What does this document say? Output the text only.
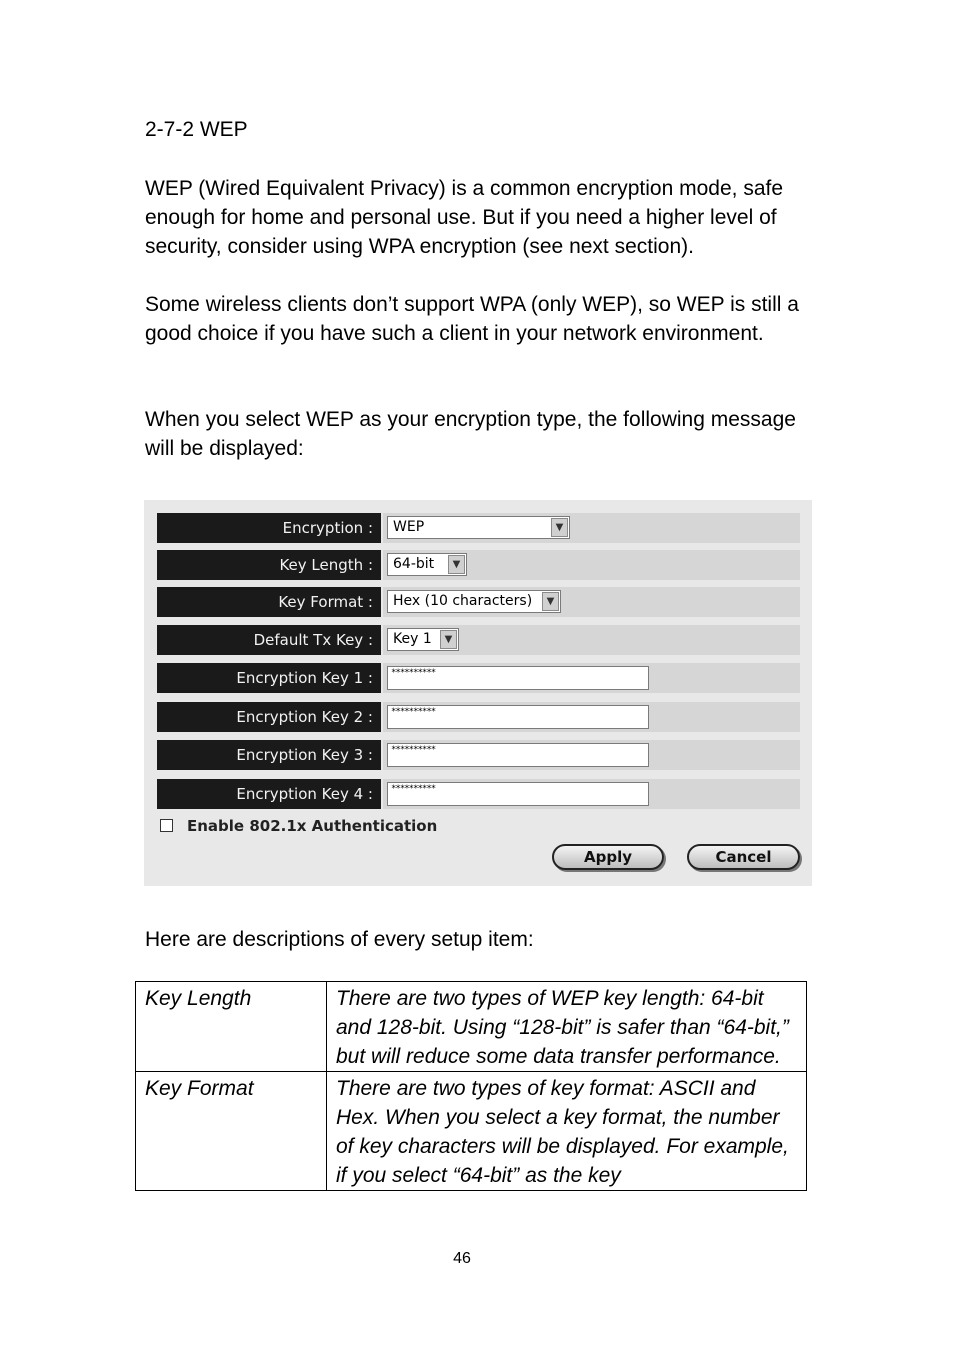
2-7-2 WEP
WEP (Wired Equivalent Privacy) is a common encryption mode, safe enough for home and personal use. But if you need a higher level of security, consider using WPA encryption (see next section).
Some wireless clients don’t support WPA (only WEP), so WEP is still a good choice if you have such a client in your network environment.
When you select WEP as your encryption type, the following message will be displayed:
Encryption :	WEP	▼
Key Length :	64-bit	▼
Key Format :	Hex (10 characters)	▼
Default Tx Key :	Key 1	▼
Encryption Key 1 :	**********
Encryption Key 2 :	**********
Encryption Key 3 :	**********
Encryption Key 4 :	**********
Enable 802.1x Authentication
Apply	Cancel
Here are descriptions of every setup item:
Key Length	There are two types of WEP key length: 64-bit and 128-bit. Using “128-bit” is safer than “64-bit,” but will reduce some data transfer performance.
Key Format	There are two types of key format: ASCII and Hex. When you select a key format, the number of key characters will be displayed. For example, if you select “64-bit” as the key
46
